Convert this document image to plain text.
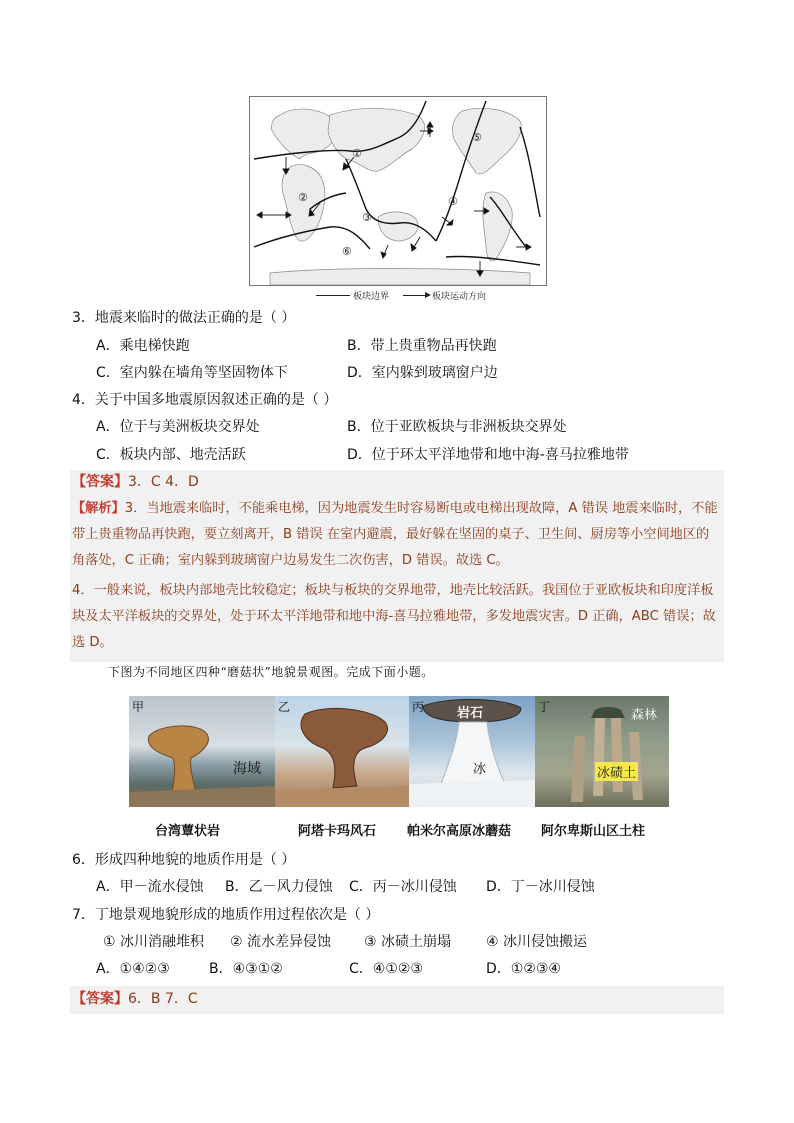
①
②
③
④
⑤
⑥
板块边界	板块运动方向
3．地震来临时的做法正确的是（ ）
A．乘电梯快跑	B．带上贵重物品再快跑
C．室内躲在墙角等坚固物体下	D．室内躲到玻璃窗户边
4．关于中国多地震原因叙述正确的是（ ）
A．位于与美洲板块交界处	B．位于亚欧板块与非洲板块交界处
C．板块内部、地壳活跃	D．位于环太平洋地带和地中海-喜马拉雅地带
【答案】3．C 4．D
【解析】3．当地震来临时，不能乘电梯，因为地震发生时容易断电或电梯出现故障，A 错误 地震来临时，不能带上贵重物品再快跑，要立刻离开，B 错误 在室内避震，最好躲在坚固的桌子、卫生间、厨房等小空间地区的角落处，C 正确；室内躲到玻璃窗户边易发生二次伤害，D 错误。故选 C。
4．一般来说，板块内部地壳比较稳定；板块与板块的交界地带，地壳比较活跃。我国位于亚欧板块和印度洋板块及太平洋板块的交界处，处于环太平洋地带和地中海-喜马拉雅地带，多发地震灾害。D 正确，ABC 错误；故选 D。
下图为不同地区四种“磨菇状”地貌景观图。完成下面小题。
甲
海域
乙	丙	岩石
冰
丁
森林
冰碛土
台湾蕈状岩	阿塔卡玛风石 帕米尔高原冰蘑菇 阿尔卑斯山区土柱
6．形成四种地貌的地质作用是（ ）
A．甲－流水侵蚀 B．乙－风力侵蚀 C．丙－冰川侵蚀 D．丁－冰川侵蚀
7．丁地景观地貌形成的地质作用过程依次是（ ）
① 冰川消融堆积 ② 流水差异侵蚀 ③ 冰碛土崩塌 ④ 冰川侵蚀搬运
A．①④②③	B．④③①②	C．④①②③	D．①②③④
【答案】6．B 7．C
